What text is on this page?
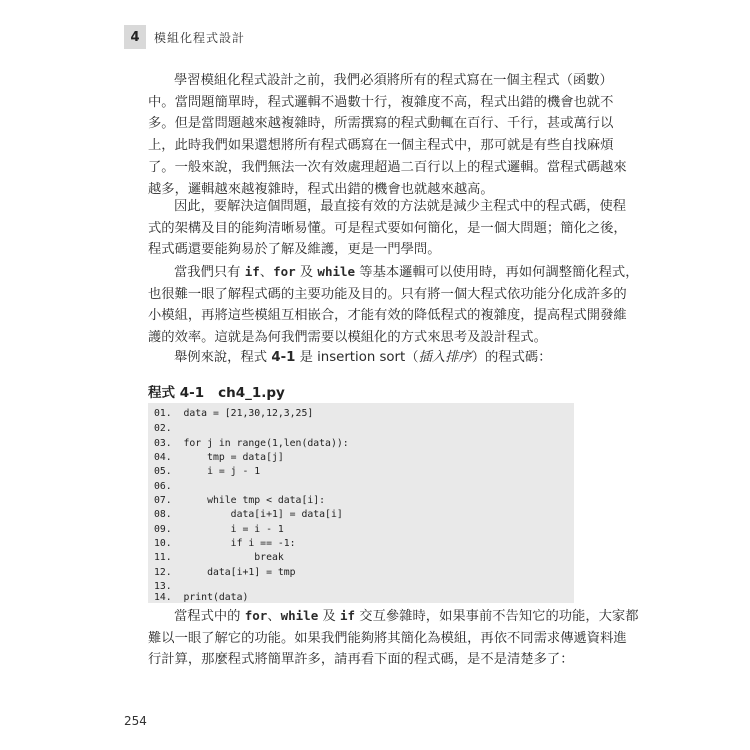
4	模組化程式設計
學習模組化程式設計之前，我們必須將所有的程式寫在一個主程式（函數）
中。當問題簡單時，程式邏輯不過數十行，複雜度不高，程式出錯的機會也就不
多。但是當問題越來越複雜時，所需撰寫的程式動輒在百行、千行，甚或萬行以
上，此時我們如果還想將所有程式碼寫在一個主程式中，那可就是有些自找麻煩
了。一般來說，我們無法一次有效處理超過二百行以上的程式邏輯。當程式碼越來
越多，邏輯越來越複雜時，程式出錯的機會也就越來越高。
因此，要解決這個問題，最直接有效的方法就是減少主程式中的程式碼，使程
式的架構及目的能夠清晰易懂。可是程式要如何簡化，是一個大問題；簡化之後，
程式碼還要能夠易於了解及維護，更是一門學問。
當我們只有 if、for 及 while 等基本邏輯可以使用時，再如何調整簡化程式，
也很難一眼了解程式碼的主要功能及目的。只有將一個大程式依功能分化成許多的
小模組，再將這些模組互相嵌合，才能有效的降低程式的複雜度，提高程式開發維
護的效率。這就是為何我們需要以模組化的方式來思考及設計程式。
舉例來說，程式 4-1 是 insertion sort（插入排序）的程式碼：
程式 4-1 ch4_1.py
01.  data = [21,30,12,3,25]
02.
03.  for j in range(1,len(data)):
04.      tmp = data[j]
05.      i = j - 1
06.
07.      while tmp < data[i]:
08.          data[i+1] = data[i]
09.          i = i - 1
10.          if i == -1:
11.              break
12.      data[i+1] = tmp
13.
14.  print(data)
當程式中的 for、while 及 if 交互參雜時，如果事前不告知它的功能，大家都
難以一眼了解它的功能。如果我們能夠將其簡化為模組，再依不同需求傳遞資料進
行計算，那麼程式將簡單許多，請再看下面的程式碼，是不是清楚多了：
254
